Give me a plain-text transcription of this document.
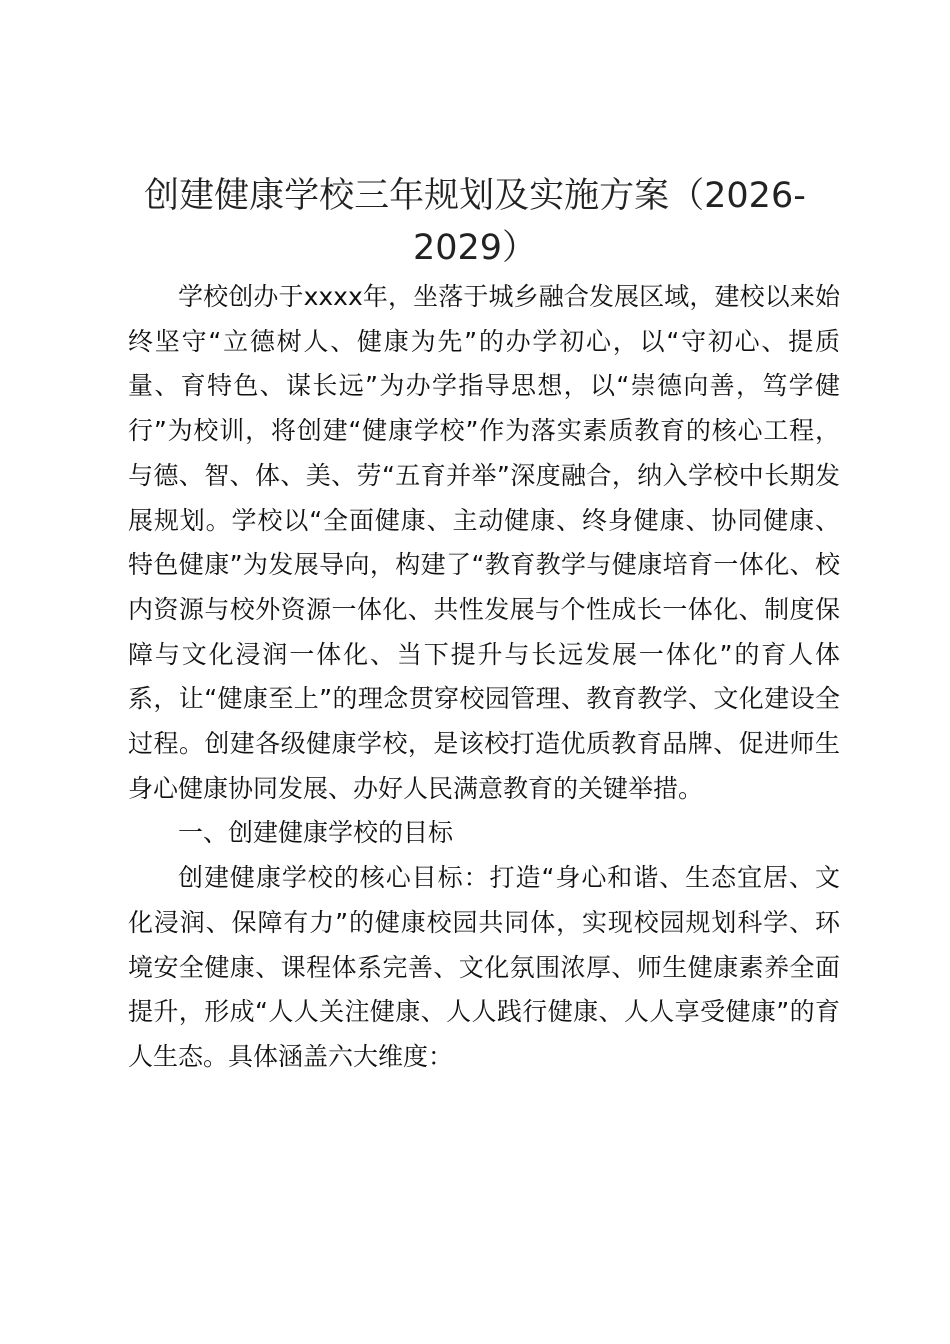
创建健康学校三年规划及实施方案（2026-2029）

学校创办于xxxx年，坐落于城乡融合发展区域，建校以来始终坚守“立德树人、健康为先”的办学初心，以“守初心、提质量、育特色、谋长远”为办学指导思想，以“崇德向善，笃学健行”为校训，将创建“健康学校”作为落实素质教育的核心工程，与德、智、体、美、劳“五育并举”深度融合，纳入学校中长期发展规划。学校以“全面健康、主动健康、终身健康、协同健康、特色健康”为发展导向，构建了“教育教学与健康培育一体化、校内资源与校外资源一体化、共性发展与个性成长一体化、制度保障与文化浸润一体化、当下提升与长远发展一体化”的育人体系，让“健康至上”的理念贯穿校园管理、教育教学、文化建设全过程。创建各级健康学校，是该校打造优质教育品牌、促进师生身心健康协同发展、办好人民满意教育的关键举措。

一、创建健康学校的目标

创建健康学校的核心目标：打造“身心和谐、生态宜居、文化浸润、保障有力”的健康校园共同体，实现校园规划科学、环境安全健康、课程体系完善、文化氛围浓厚、师生健康素养全面提升，形成“人人关注健康、人人践行健康、人人享受健康”的育人生态。具体涵盖六大维度：
